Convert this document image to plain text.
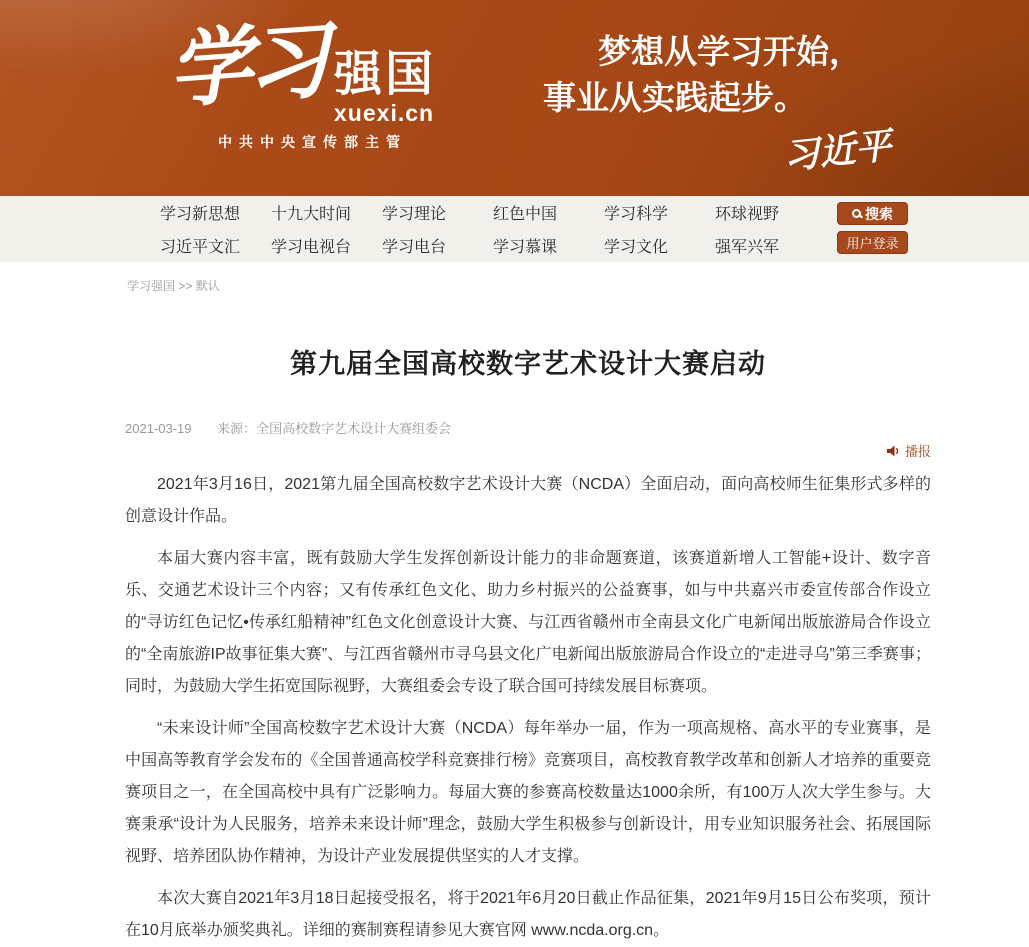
学习 强国
xuexi.cn
中共中央宣传部主管
梦想从学习开始，
事业从实践起步。
习近平
学习新思想	十九大时间	学习理论	红色中国	学习科学	环球视野
习近平文汇	学习电视台	学习电台	学习慕课	学习文化	强军兴军
搜索
用户登录
学习强国 >> 默认
第九届全国高校数字艺术设计大赛启动
2021-03-19 来源：全国高校数字艺术设计大赛组委会
播报

2021年3月16日，2021第九届全国高校数字艺术设计大赛（NCDA）全面启动，面向高校师生征集形式多样的创意设计作品。

本届大赛内容丰富，既有鼓励大学生发挥创新设计能力的非命题赛道，该赛道新增人工智能+设计、数字音乐、交通艺术设计三个内容；又有传承红色文化、助力乡村振兴的公益赛事，如与中共嘉兴市委宣传部合作设立的“寻访红色记忆•传承红船精神”红色文化创意设计大赛、与江西省赣州市全南县文化广电新闻出版旅游局合作设立的“全南旅游IP故事征集大赛”、与江西省赣州市寻乌县文化广电新闻出版旅游局合作设立的“走进寻乌”第三季赛事；同时，为鼓励大学生拓宽国际视野，大赛组委会专设了联合国可持续发展目标赛项。

“未来设计师”全国高校数字艺术设计大赛（NCDA）每年举办一届，作为一项高规格、高水平的专业赛事，是中国高等教育学会发布的《全国普通高校学科竞赛排行榜》竞赛项目，高校教育教学改革和创新人才培养的重要竞赛项目之一，在全国高校中具有广泛影响力。每届大赛的参赛高校数量达1000余所，有100万人次大学生参与。大赛秉承“设计为人民服务，培养未来设计师”理念，鼓励大学生积极参与创新设计，用专业知识服务社会、拓展国际视野、培养团队协作精神，为设计产业发展提供坚实的人才支撑。

本次大赛自2021年3月18日起接受报名，将于2021年6月20日截止作品征集，2021年9月15日公布奖项，预计在10月底举办颁奖典礼。详细的赛制赛程请参见大赛官网 www.ncda.org.cn。
